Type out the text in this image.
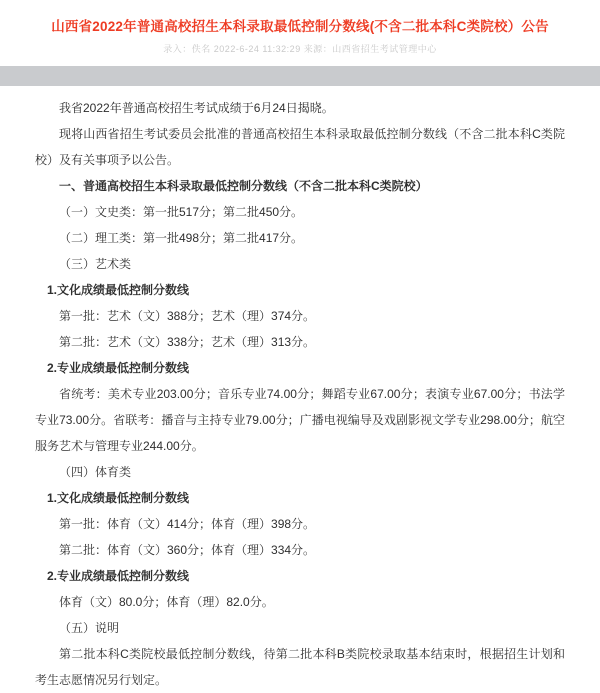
山西省2022年普通高校招生本科录取最低控制分数线(不含二批本科C类院校）公告
录入：佚名 2022-6-24 11:32:29 来源：山西省招生考试管理中心

我省2022年普通高校招生考试成绩于6月24日揭晓。

现将山西省招生考试委员会批准的普通高校招生本科录取最低控制分数线（不含二批本科C类院校）及有关事项予以公告。

一、普通高校招生本科录取最低控制分数线（不含二批本科C类院校）

（一）文史类：第一批517分；第二批450分。

（二）理工类：第一批498分；第二批417分。

（三）艺术类

1.文化成绩最低控制分数线

第一批：艺术（文）388分；艺术（理）374分。

第二批：艺术（文）338分；艺术（理）313分。

2.专业成绩最低控制分数线

省统考：美术专业203.00分；音乐专业74.00分；舞蹈专业67.00分；表演专业67.00分；书法学专业73.00分。省联考：播音与主持专业79.00分；广播电视编导及戏剧影视文学专业298.00分；航空服务艺术与管理专业244.00分。

（四）体育类

1.文化成绩最低控制分数线

第一批：体育（文）414分；体育（理）398分。

第二批：体育（文）360分；体育（理）334分。

2.专业成绩最低控制分数线

体育（文）80.0分；体育（理）82.0分。

（五）说明

第二批本科C类院校最低控制分数线，待第二批本科B类院校录取基本结束时，根据招生计划和考生志愿情况另行划定。
